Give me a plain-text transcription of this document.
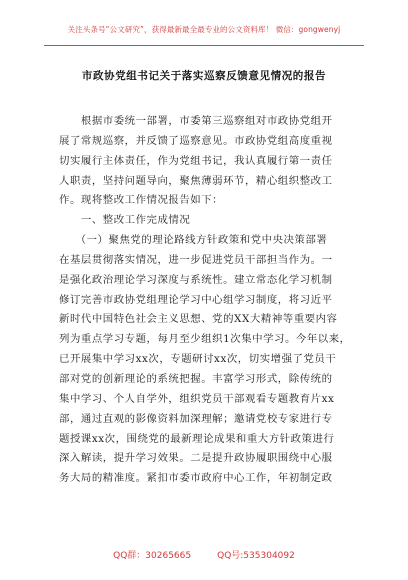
关注头条号“公文研究”，获得最新最全最专业的公文资料库！ 微信：gongwenyj
市政协党组书记关于落实巡察反馈意见情况的报告
　　根据市委统一部署，市委第三巡察组对市政协党组开
展了常规巡察，并反馈了巡察意见。市政协党组高度重视
切实履行主体责任，作为党组书记，我认真履行第一责任
人职责，坚持问题导向，聚焦薄弱环节，精心组织整改工
作。现将整改工作情况报告如下：
　　一、整改工作完成情况
　　（一）聚焦党的理论路线方针政策和党中央决策部署
在基层贯彻落实情况，进一步促进党员干部担当作为。一
是强化政治理论学习深度与系统性。建立常态化学习机制
修订完善市政协党组理论学习中心组学习制度，将习近平
新时代中国特色社会主义思想、党的XX大精神等重要内容
列为重点学习专题，每月至少组织1次集中学习。今年以来，
已开展集中学习xx次，专题研讨xx次，切实增强了党员干
部对党的创新理论的系统把握。丰富学习形式，除传统的
集中学习、个人自学外，组织党员干部观看专题教育片xx
部，通过直观的影像资料加深理解；邀请党校专家进行专
题授课xx次，围绕党的最新理论成果和重大方针政策进行
深入解读，提升学习效果。二是提升政协履职围绕中心服
务大局的精准度。紧扣市委市政府中心工作，年初制定政
QQ群：30265665	QQ号:535304092
